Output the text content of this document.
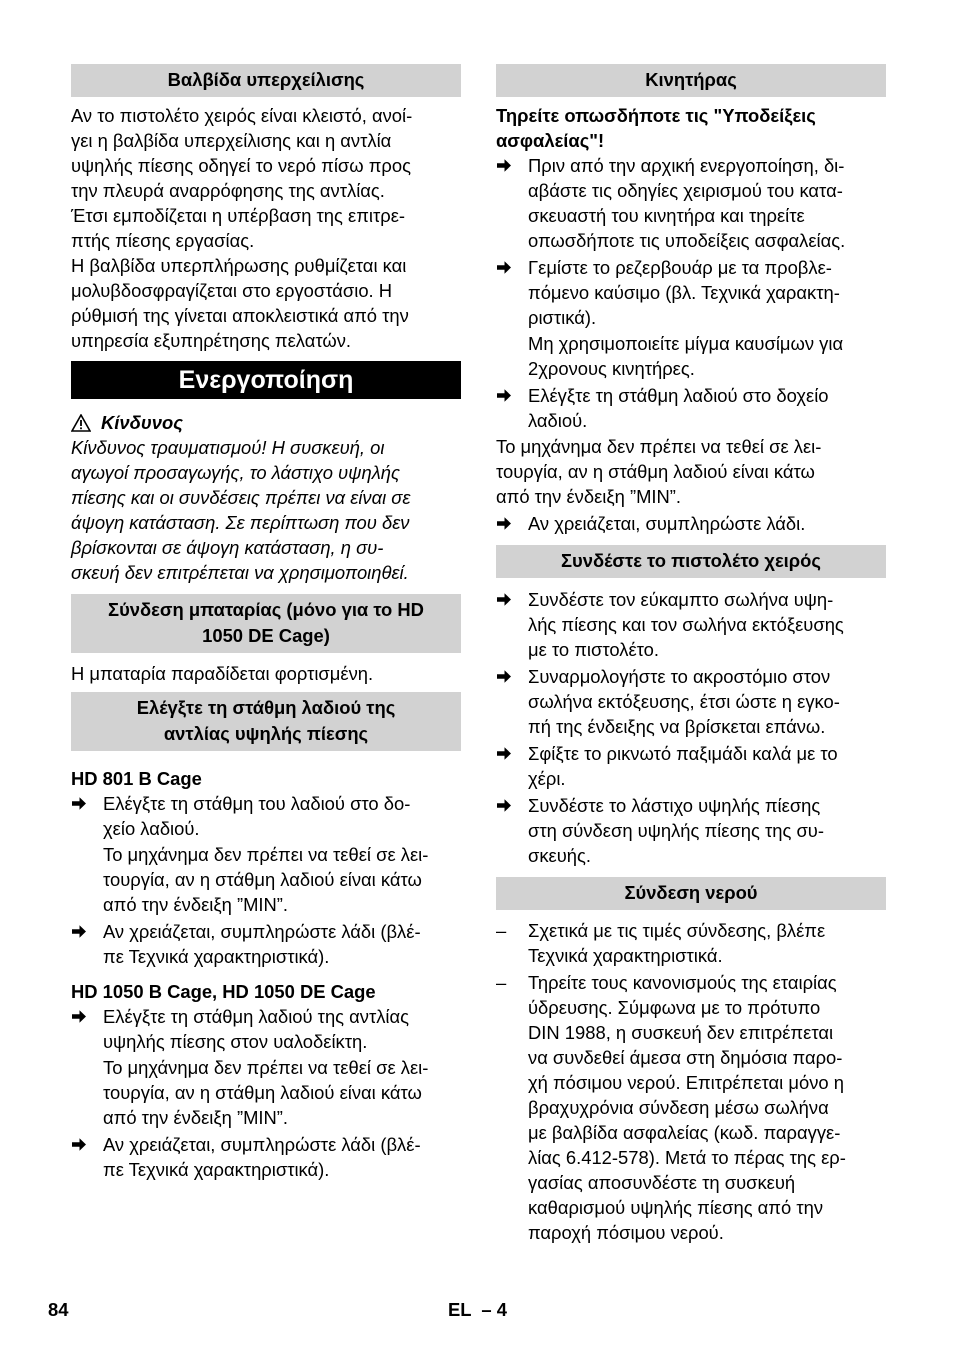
Βαλβίδα υπερχείλισης
Αν το πιστολέτο χειρός είναι κλειστό, ανοί-
γει η βαλβίδα υπερχείλισης και η αντλία
υψηλής πίεσης οδηγεί το νερό πίσω προς
την πλευρά αναρρόφησης της αντλίας.
Έτσι εμποδίζεται η υπέρβαση της επιτρε-
πτής πίεσης εργασίας.
Η βαλβίδα υπερπλήρωσης ρυθμίζεται και
μολυβδοσφραγίζεται στο εργοστάσιο. Η
ρύθμισή της γίνεται αποκλειστικά από την
υπηρεσία εξυπηρέτησης πελατών.
Ενεργοποίηση
Κίνδυνος
Κίνδυνος τραυματισμού! Η συσκευή, οι
αγωγοί προσαγωγής, το λάστιχο υψηλής
πίεσης και οι συνδέσεις πρέπει να είναι σε
άψογη κατάσταση. Σε περίπτωση που δεν
βρίσκονται σε άψογη κατάσταση, η συ-
σκευή δεν επιτρέπεται να χρησιμοποιηθεί.
Σύνδεση μπαταρίας (μόνο για το HD
1050 DE Cage)
Η μπαταρία παραδίδεται φορτισμένη.
Ελέγξτε τη στάθμη λαδιού της
αντλίας υψηλής πίεσης
HD 801 B Cage
Ελέγξτε τη στάθμη του λαδιού στο δο-
χείο λαδιού.
Το μηχάνημα δεν πρέπει να τεθεί σε λει-
τουργία, αν η στάθμη λαδιού είναι κάτω
από την ένδειξη ”MIN”.
Αν χρειάζεται, συμπληρώστε λάδι (βλέ-
πε Τεχνικά χαρακτηριστικά).
HD 1050 B Cage, HD 1050 DE Cage
Ελέγξτε τη στάθμη λαδιού της αντλίας
υψηλής πίεσης στον υαλοδείκτη.
Το μηχάνημα δεν πρέπει να τεθεί σε λει-
τουργία, αν η στάθμη λαδιού είναι κάτω
από την ένδειξη ”MIN”.
Αν χρειάζεται, συμπληρώστε λάδι (βλέ-
πε Τεχνικά χαρακτηριστικά).
Κινητήρας
Τηρείτε οπωσδήποτε τις "Υποδείξεις
ασφαλείας"!
Πριν από την αρχική ενεργοποίηση, δι-
αβάστε τις οδηγίες χειρισμού του κατα-
σκευαστή του κινητήρα και τηρείτε
οπωσδήποτε τις υποδείξεις ασφαλείας.
Γεμίστε το ρεζερβουάρ με τα προβλε-
πόμενο καύσιμο (βλ. Τεχνικά χαρακτη-
ριστικά).
Μη χρησιμοποιείτε μίγμα καυσίμων για
2χρονους κινητήρες.
Ελέγξτε τη στάθμη λαδιού στο δοχείο
λαδιού.
Το μηχάνημα δεν πρέπει να τεθεί σε λει-
τουργία, αν η στάθμη λαδιού είναι κάτω
από την ένδειξη ”MIN”.
Αν χρειάζεται, συμπληρώστε λάδι.
Συνδέστε το πιστολέτο χειρός
Συνδέστε τον εύκαμπτο σωλήνα υψη-
λής πίεσης και τον σωλήνα εκτόξευσης
με το πιστολέτο.
Συναρμολογήστε το ακροστόμιο στον
σωλήνα εκτόξευσης, έτσι ώστε η εγκο-
πή της ένδειξης να βρίσκεται επάνω.
Σφίξτε το ρικνωτό παξιμάδι καλά με το
χέρι.
Συνδέστε το λάστιχο υψηλής πίεσης
στη σύνδεση υψηλής πίεσης της συ-
σκευής.
Σύνδεση νερού
–	Σχετικά με τις τιμές σύνδεσης, βλέπε
Τεχνικά χαρακτηριστικά.
–	Τηρείτε τους κανονισμούς της εταιρίας
ύδρευσης. Σύμφωνα με το πρότυπο
DIN 1988, η συσκευή δεν επιτρέπεται
να συνδεθεί άμεσα στη δημόσια παρο-
χή πόσιμου νερού. Επιτρέπεται μόνο η
βραχυχρόνια σύνδεση μέσω σωλήνα
με βαλβίδα ασφαλείας (κωδ. παραγγε-
λίας 6.412-578). Μετά το πέρας της ερ-
γασίας αποσυνδέστε τη συσκευή
καθαρισμού υψηλής πίεσης από την
παροχή πόσιμου νερού.
84	EL  – 4
